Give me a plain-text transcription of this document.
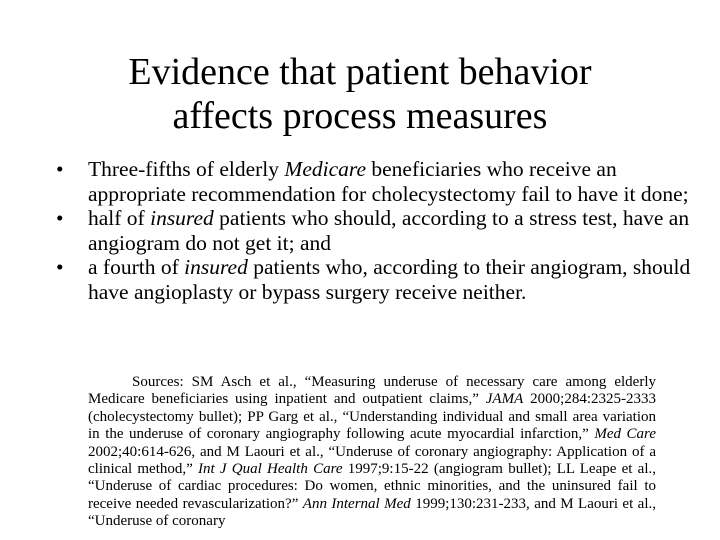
Evidence that patient behavior
affects process measures
• Three-fifths of elderly Medicare beneficiaries who receive an appropriate recommendation for cholecystectomy fail to have it done;
• half of insured patients who should, according to a stress test, have an angiogram do not get it; and
• a fourth of insured patients who, according to their angiogram, should have angioplasty or bypass surgery receive neither.
Sources: SM Asch et al., “Measuring underuse of necessary care among elderly Medicare beneficiaries using inpatient and outpatient claims,” JAMA 2000;284:2325-2333 (cholecystectomy bullet); PP Garg et al., “Understanding individual and small area variation in the underuse of coronary angiography following acute myocardial infarction,” Med Care 2002;40:614-626, and M Laouri et al., “Underuse of coronary angiography: Application of a clinical method,” Int J Qual Health Care 1997;9:15-22 (angiogram bullet); LL Leape et al., “Underuse of cardiac procedures: Do women, ethnic minorities, and the uninsured fail to receive needed revascularization?” Ann Internal Med 1999;130:231-233, and M Laouri et al., “Underuse of coronary
